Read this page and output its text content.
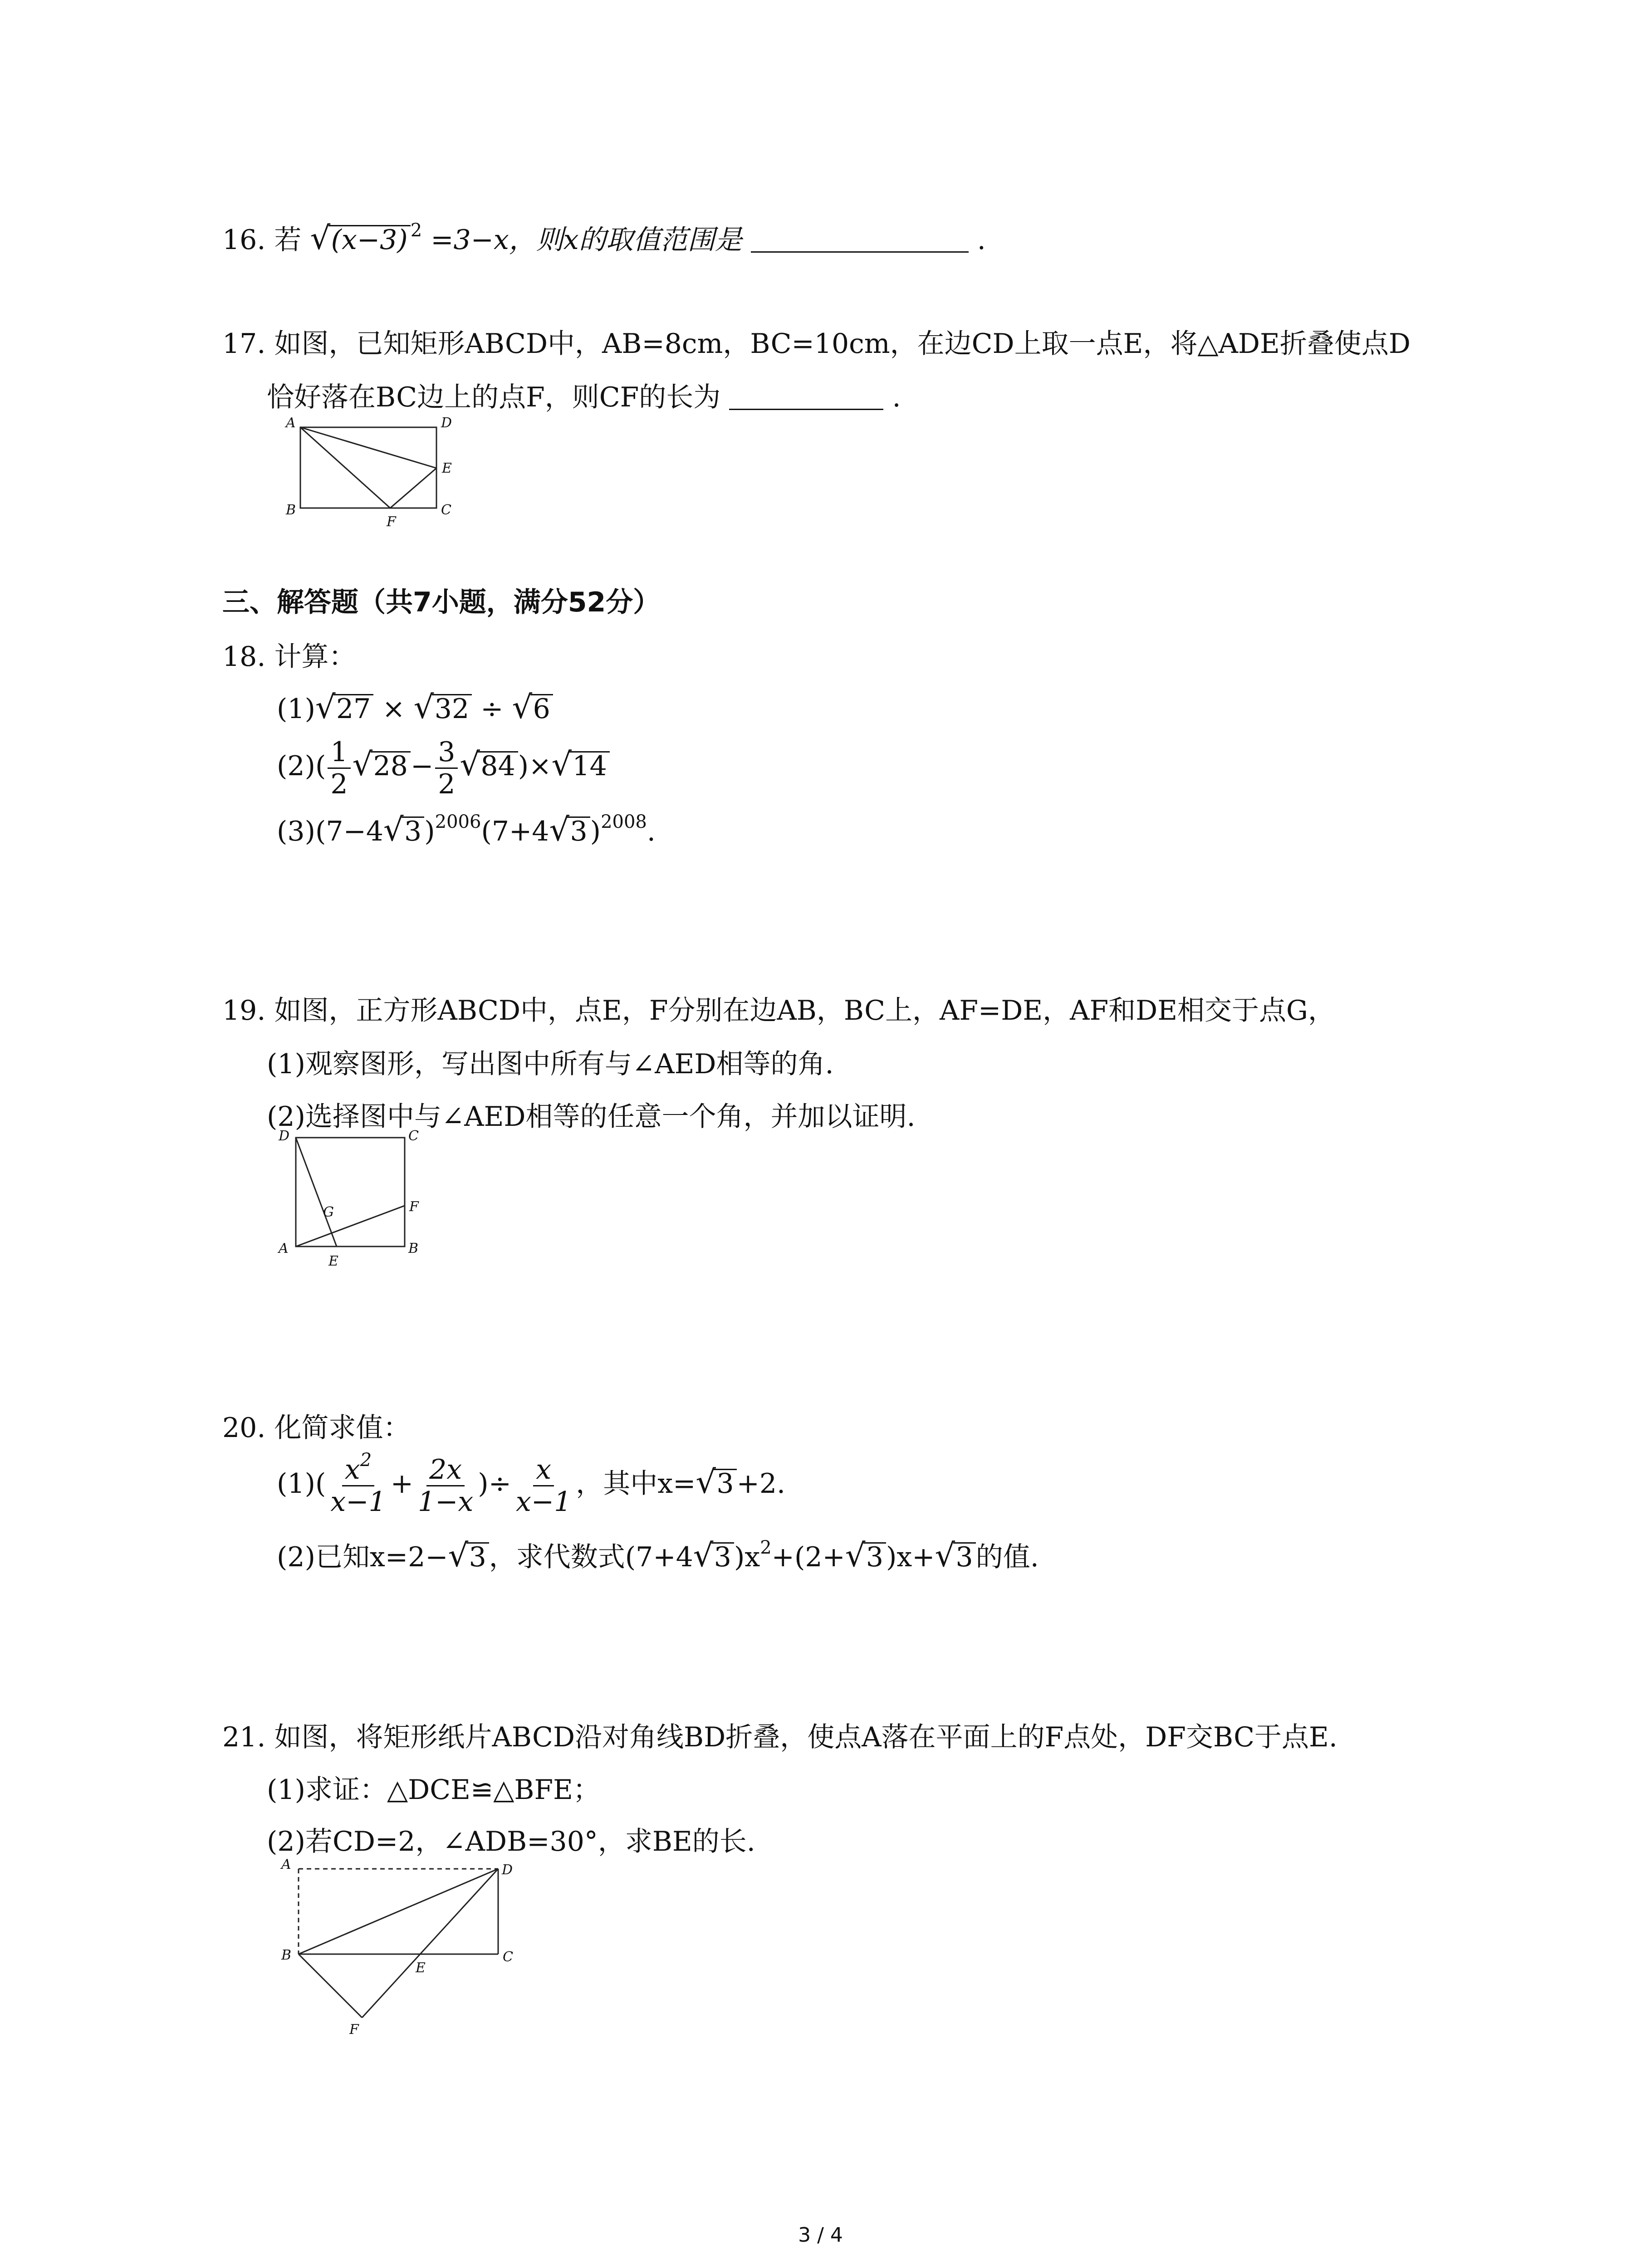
16. 若 √ (x−3) $^2$ =3−x，则x的取值范围是	.
17. 如图，已知矩形ABCD中，AB=8cm，BC=10cm，在边CD上取一点E，将△ADE折叠使点D
恰好落在BC边上的点F，则CF的长为	.
A	D
E
B
F
C
三、解答题（共7小题，满分52分）
18. 计算：
(1) √ 27 × √ 32 ÷ √ 6
$(2)( \frac{1}{2}$ √ $28 - \frac{3}{2}$ √ 84 )× √ 14
(3)(7−4 √ 3 )$^{2006}$(7+4 √ 3 )$^{2008}$.
19. 如图，正方形ABCD中，点E，F分别在边AB，BC上，AF=DE，AF和DE相交于点G，
(1)观察图形，写出图中所有与∠AED相等的角.
(2)选择图中与∠AED相等的任意一个角，并加以证明.
D	C
F
G
A
E
B
20. 化简求值：
$(1)( \frac{x^2}{x-1} + \frac{2x}{1-x}$ )÷ $\frac{x}{x-1}$ ，其中x= √ 3 +2.
(2)已知x=2− √ 3 ，求代数式(7+4 √ 3 )$x^2+(2+$ √ 3 )x+ √ 3 的值.
21. 如图，将矩形纸片ABCD沿对角线BD折叠，使点A落在平面上的F点处，DF交BC于点E.
(1)求证：△DCE≌△BFE；
(2)若CD=2，∠ADB=30°，求BE的长.
A	D
B
E
C
F
3 / 4
